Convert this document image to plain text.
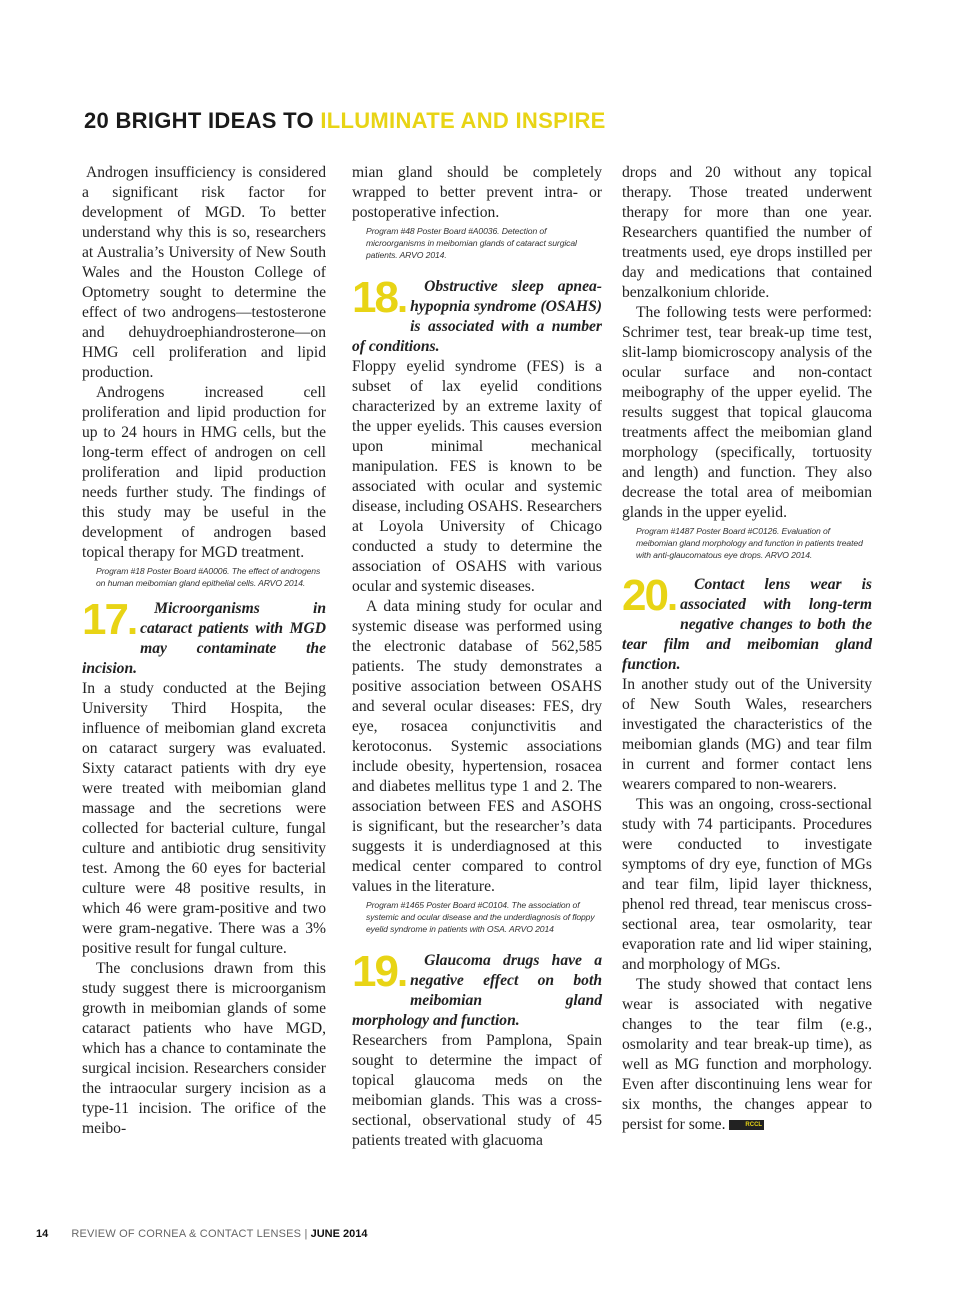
20 BRIGHT IDEAS TO ILLUMINATE AND INSPIRE

Androgen insufficiency is considered a significant risk factor for development of MGD. To better understand why this is so, researchers at Australia’s University of New South Wales and the Houston College of Optometry sought to determine the effect of two androgens—testosterone and dehuydroephiandrosterone—on HMG cell proliferation and lipid production.

Androgens increased cell proliferation and lipid production for up to 24 hours in HMG cells, but the long-term effect of androgen on cell proliferation and lipid production needs further study. The findings of this study may be useful in the development of androgen based topical therapy for MGD treatment.

Program #18 Poster Board #A0006. The effect of androgens on human meibomian gland epithelial cells. ARVO 2014.
17.	Microorganisms in cataract patients with MGD may contaminate the incision.

In a study conducted at the Bejing University Third Hospita, the influence of meibomian gland excreta on cataract surgery was evaluated. Sixty cataract patients with dry eye were treated with meibomian gland massage and the secretions were collected for bacterial culture, fungal culture and antibiotic drug sensitivity test. Among the 60 eyes for bacterial culture were 48 positive results, in which 46 were gram-positive and two were gram-negative. There was a 3% positive result for fungal culture.

The conclusions drawn from this study suggest there is microorganism growth in meibomian glands of some cataract patients who have MGD, which has a chance to contaminate the surgical incision. Researchers consider the intraocular surgery incision as a type-11 incision. The orifice of the meibo-

mian gland should be completely wrapped to better prevent intra- or postoperative infection.

Program #48 Poster Board #A0036. Detection of microorganisms in meibomian glands of cataract surgical patients. ARVO 2014.
18.	Obstructive sleep apnea-hypopnia syndrome (OSAHS) is associated with a number of conditions.

Floppy eyelid syndrome (FES) is a subset of lax eyelid conditions characterized by an extreme laxity of the upper eyelids. This causes eversion upon minimal mechanical manipulation. FES is known to be associated with ocular and systemic disease, including OSAHS. Researchers at Loyola University of Chicago conducted a study to determine the association of OSAHS with various ocular and systemic diseases.

A data mining study for ocular and systemic disease was performed using the electronic database of 562,585 patients. The study demonstrates a positive association between OSAHS and several ocular diseases: FES, dry eye, rosacea conjunctivitis and kerotoconus. Systemic associations include obesity, hypertension, rosacea and diabetes mellitus type 1 and 2. The association between FES and ASOHS is significant, but the researcher’s data suggests it is underdiagnosed at this medical center compared to control values in the literature.

Program #1465 Poster Board #C0104. The association of systemic and ocular disease and the underdiagnosis of floppy eyelid syndrome in patients with OSA. ARVO 2014
19.	Glaucoma drugs have a negative effect on both meibomian gland morphology and function.

Researchers from Pamplona, Spain sought to determine the impact of topical glaucoma meds on the meibomian glands. This was a cross-sectional, observational study of 45 patients treated with glacuoma

drops and 20 without any topical therapy. Those treated underwent therapy for more than one year. Researchers quantified the number of treatments used, eye drops instilled per day and medications that contained benzalkonium chloride.

The following tests were performed: Schrimer test, tear break-up time test, slit-lamp biomicroscopy analysis of the ocular surface and non-contact meibography of the upper eyelid. The results suggest that topical glaucoma treatments affect the meibomian gland morphology (specifically, tortuosity and length) and function. They also decrease the total area of meibomian glands in the upper eyelid.

Program #1487 Poster Board #C0126. Evaluation of meibomian gland morphology and function in patients treated with anti-glaucomatous eye drops. ARVO 2014.
20.	Contact lens wear is associated with long-term negative changes to both the tear film and meibomian gland function.

In another study out of the University of New South Wales, researchers investigated the characteristics of the meibomian glands (MG) and tear film in current and former contact lens wearers compared to non-wearers.

This was an ongoing, cross-sectional study with 74 participants. Procedures were conducted to investigate symptoms of dry eye, function of MGs and tear film, lipid layer thickness, phenol red thread, tear meniscus cross-sectional area, tear osmolarity, tear evaporation rate and lid wiper staining, and morphology of MGs.

The study showed that contact lens wear is associated with negative changes to the tear film (e.g., osmolarity and tear break-up time), as well as MG function and morphology. Even after discontinuing lens wear for six months, the changes appear to persist for some.	RCCL

14 REVIEW OF CORNEA & CONTACT LENSES | JUNE 2014
